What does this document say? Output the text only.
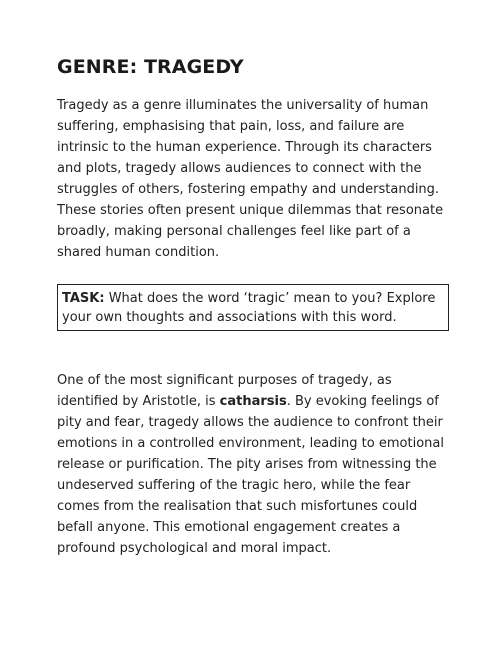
GENRE: TRAGEDY

Tragedy as a genre illuminates the universality of human suffering, emphasising that pain, loss, and failure are intrinsic to the human experience. Through its characters and plots, tragedy allows audiences to connect with the struggles of others, fostering empathy and understanding. These stories often present unique dilemmas that resonate broadly, making personal challenges feel like part of a shared human condition.

TASK: What does the word ‘tragic’ mean to you? Explore your own thoughts and associations with this word.

One of the most significant purposes of tragedy, as identified by Aristotle, is catharsis. By evoking feelings of pity and fear, tragedy allows the audience to confront their emotions in a controlled environment, leading to emotional release or purification. The pity arises from witnessing the undeserved suffering of the tragic hero, while the fear comes from the realisation that such misfortunes could befall anyone. This emotional engagement creates a profound psychological and moral impact.
